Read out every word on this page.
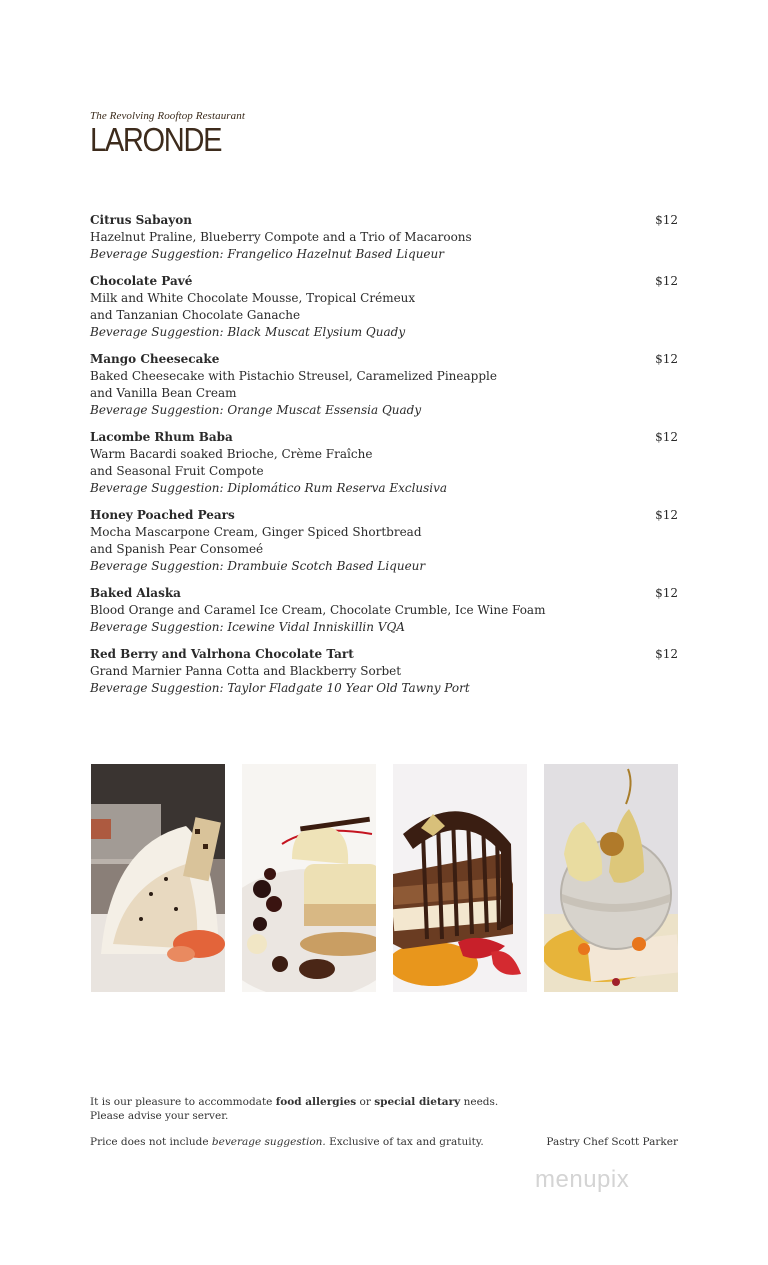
The Revolving Rooftop Restaurant
LARONDE
Citrus Sabayon	$12
Hazelnut Praline, Blueberry Compote and a Trio of Macaroons
Beverage Suggestion: Frangelico Hazelnut Based Liqueur
Chocolate Pavé	$12
Milk and White Chocolate Mousse, Tropical Crémeux
and Tanzanian Chocolate Ganache
Beverage Suggestion: Black Muscat Elysium Quady
Mango Cheesecake	$12
Baked Cheesecake with Pistachio Streusel, Caramelized Pineapple
and Vanilla Bean Cream
Beverage Suggestion: Orange Muscat Essensia Quady
Lacombe Rhum Baba	$12
Warm Bacardi soaked Brioche, Crème Fraîche
and Seasonal Fruit Compote
Beverage Suggestion: Diplomático Rum Reserva Exclusiva
Honey Poached Pears	$12
Mocha Mascarpone Cream, Ginger Spiced Shortbread
and Spanish Pear Consomeé
Beverage Suggestion: Drambuie Scotch Based Liqueur
Baked Alaska	$12
Blood Orange and Caramel Ice Cream, Chocolate Crumble, Ice Wine Foam
Beverage Suggestion: Icewine Vidal Inniskillin VQA
Red Berry and Valrhona Chocolate Tart	$12
Grand Marnier Panna Cotta and Blackberry Sorbet
Beverage Suggestion: Taylor Fladgate 10 Year Old Tawny Port
It is our pleasure to accommodate food allergies or special dietary needs.
Please advise your server.
Price does not include beverage suggestion. Exclusive of tax and gratuity.	Pastry Chef Scott Parker
menupix
